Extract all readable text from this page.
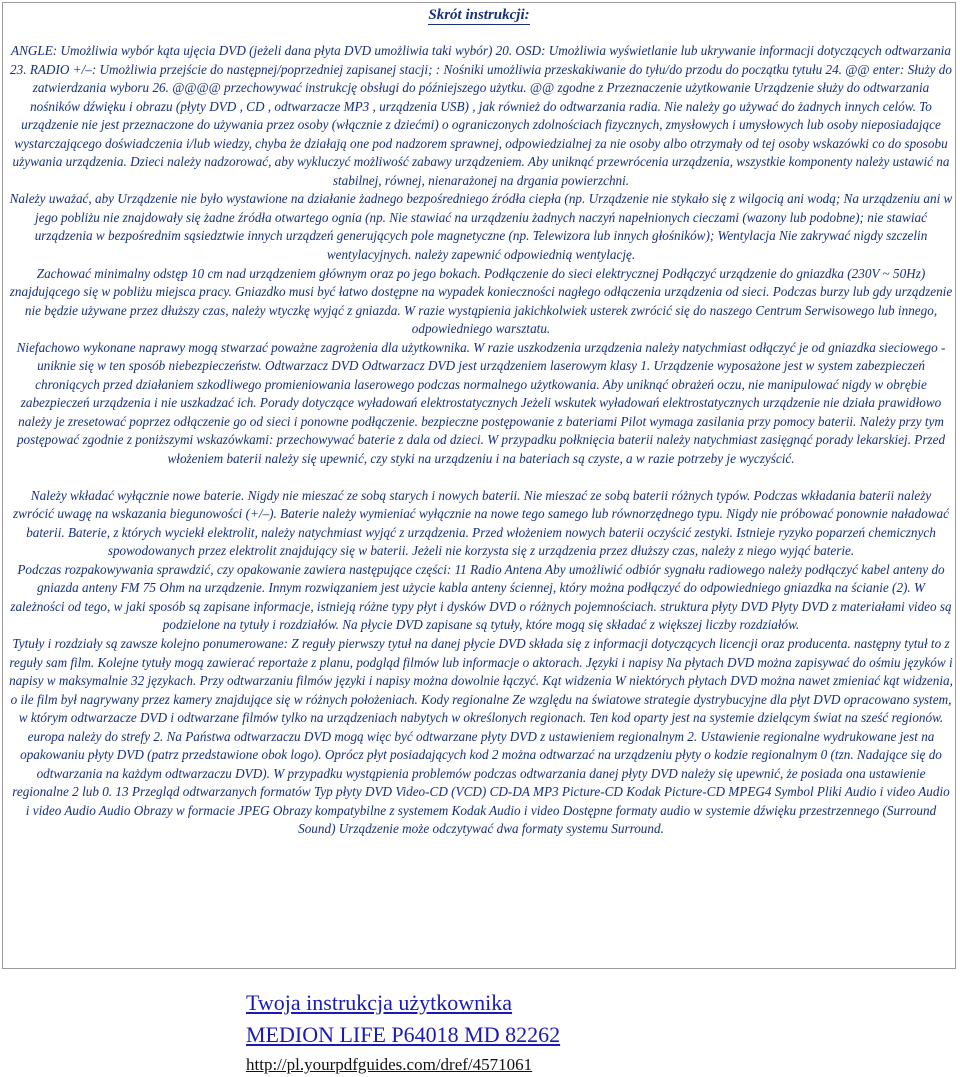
Skrót instrukcji:

ANGLE: Umożliwia wybór kąta ujęcia DVD (jeżeli dana płyta DVD umożliwia taki wybór) 20. OSD: Umożliwia wyświetlanie lub ukrywanie informacji dotyczących odtwarzania 23. RADIO +/–: Umożliwia przejście do następnej/poprzedniej zapisanej stacji; : Nośniki umożliwia przeskakiwanie do tyłu/do przodu do początku tytułu 24. @@ enter: Służy do zatwierdzania wyboru 26. @@@@ przechowywać instrukcję obsługi do późniejszego użytku. @@ zgodne z Przeznaczenie użytkowanie Urządzenie służy do odtwarzania nośników dźwięku i obrazu (płyty DVD , CD , odtwarzacze MP3 , urządzenia USB) , jak również do odtwarzania radia. Nie należy go używać do żadnych innych celów. To urządzenie nie jest przeznaczone do używania przez osoby (włącznie z dziećmi) o ograniczonych zdolnościach fizycznych, zmysłowych i umysłowych lub osoby nieposiadające wystarczającego doświadczenia i/lub wiedzy, chyba że działają one pod nadzorem sprawnej, odpowiedzialnej za nie osoby albo otrzymały od tej osoby wskazówki co do sposobu używania urządzenia. Dzieci należy nadzorować, aby wykluczyć możliwość zabawy urządzeniem. Aby uniknąć przewrócenia urządzenia, wszystkie komponenty należy ustawić na stabilnej, równej, nienarażonej na drgania powierzchni.

Należy uważać, aby Urządzenie nie było wystawione na działanie żadnego bezpośredniego źródła ciepła (np. Urządzenie nie stykało się z wilgocią ani wodą; Na urządzeniu ani w jego pobliżu nie znajdowały się żadne źródła otwartego ognia (np. Nie stawiać na urządzeniu żadnych naczyń napełnionych cieczami (wazony lub podobne); nie stawiać urządzenia w bezpośrednim sąsiedztwie innych urządzeń generujących pole magnetyczne (np. Telewizora lub innych głośników); Wentylacja Nie zakrywać nigdy szczelin wentylacyjnych. należy zapewnić odpowiednią wentylację.

Zachować minimalny odstęp 10 cm nad urządzeniem głównym oraz po jego bokach. Podłączenie do sieci elektrycznej Podłączyć urządzenie do gniazdka (230V ~ 50Hz) znajdującego się w pobliżu miejsca pracy. Gniazdko musi być łatwo dostępne na wypadek konieczności nagłego odłączenia urządzenia od sieci. Podczas burzy lub gdy urządzenie nie będzie używane przez dłuższy czas, należy wtyczkę wyjąć z gniazda. W razie wystąpienia jakichkolwiek usterek zwrócić się do naszego Centrum Serwisowego lub innego, odpowiedniego warsztatu.

Niefachowo wykonane naprawy mogą stwarzać poważne zagrożenia dla użytkownika. W razie uszkodzenia urządzenia należy natychmiast odłączyć je od gniazdka sieciowego - uniknie się w ten sposób niebezpieczeństw. Odtwarzacz DVD Odtwarzacz DVD jest urządzeniem laserowym klasy 1. Urządzenie wyposażone jest w system zabezpieczeń chroniących przed działaniem szkodliwego promieniowania laserowego podczas normalnego użytkowania. Aby uniknąć obrażeń oczu, nie manipulować nigdy w obrębie zabezpieczeń urządzenia i nie uszkadzać ich. Porady dotyczące wyładowań elektrostatycznych Jeżeli wskutek wyładowań elektrostatycznych urządzenie nie działa prawidłowo należy je zresetować poprzez odłączenie go od sieci i ponowne podłączenie. bezpieczne postępowanie z bateriami Pilot wymaga zasilania przy pomocy baterii. Należy przy tym postępować zgodnie z poniższymi wskazówkami: przechowywać baterie z dala od dzieci. W przypadku połknięcia baterii należy natychmiast zasięgnąć porady lekarskiej. Przed włożeniem baterii należy się upewnić, czy styki na urządzeniu i na bateriach są czyste, a w razie potrzeby je wyczyścić.

Należy wkładać wyłącznie nowe baterie. Nigdy nie mieszać ze sobą starych i nowych baterii. Nie mieszać ze sobą baterii różnych typów. Podczas wkładania baterii należy zwrócić uwagę na wskazania biegunowości (+/–). Baterie należy wymieniać wyłącznie na nowe tego samego lub równorzędnego typu. Nigdy nie próbować ponownie naładować baterii. Baterie, z których wyciekł elektrolit, należy natychmiast wyjąć z urządzenia. Przed włożeniem nowych baterii oczyścić zestyki. Istnieje ryzyko poparzeń chemicznych spowodowanych przez elektrolit znajdujący się w baterii. Jeżeli nie korzysta się z urządzenia przez dłuższy czas, należy z niego wyjąć baterie.

Podczas rozpakowywania sprawdzić, czy opakowanie zawiera następujące części: 11 Radio Antena Aby umożliwić odbiór sygnału radiowego należy podłączyć kabel anteny do gniazda anteny FM 75 Ohm na urządzenie. Innym rozwiązaniem jest użycie kabla anteny ściennej, który można podłączyć do odpowiedniego gniazdka na ścianie (2). W zależności od tego, w jaki sposób są zapisane informacje, istnieją różne typy płyt i dysków DVD o różnych pojemnościach. struktura płyty DVD Płyty DVD z materiałami video są podzielone na tytuły i rozdziałów. Na płycie DVD zapisane są tytuły, które mogą się składać z większej liczby rozdziałów.

Tytuły i rozdziały są zawsze kolejno ponumerowane: Z reguły pierwszy tytuł na danej płycie DVD składa się z informacji dotyczących licencji oraz producenta. następny tytuł to z reguły sam film. Kolejne tytuły mogą zawierać reportaże z planu, podgląd filmów lub informacje o aktorach. Języki i napisy Na płytach DVD można zapisywać do ośmiu języków i napisy w maksymalnie 32 językach. Przy odtwarzaniu filmów języki i napisy można dowolnie łączyć. Kąt widzenia W niektórych płytach DVD można nawet zmieniać kąt widzenia, o ile film był nagrywany przez kamery znajdujące się w różnych położeniach. Kody regionalne Ze względu na światowe strategie dystrybucyjne dla płyt DVD opracowano system, w którym odtwarzacze DVD i odtwarzane filmów tylko na urządzeniach nabytych w określonych regionach. Ten kod oparty jest na systemie dzielącym świat na sześć regionów. europa należy do strefy 2. Na Państwa odtwarzaczu DVD mogą więc być odtwarzane płyty DVD z ustawieniem regionalnym 2. Ustawienie regionalne wydrukowane jest na opakowaniu płyty DVD (patrz przedstawione obok logo). Oprócz płyt posiadających kod 2 można odtwarzać na urządzeniu płyty o kodzie regionalnym 0 (tzn. Nadające się do odtwarzania na każdym odtwarzaczu DVD). W przypadku wystąpienia problemów podczas odtwarzania danej płyty DVD należy się upewnić, że posiada ona ustawienie regionalne 2 lub 0. 13 Przegląd odtwarzanych formatów Typ płyty DVD Video-CD (VCD) CD-DA MP3 Picture-CD Kodak Picture-CD MPEG4 Symbol Pliki Audio i video Audio i video Audio Audio Obrazy w formacie JPEG Obrazy kompatybilne z systemem Kodak Audio i video Dostępne formaty audio w systemie dźwięku przestrzennego (Surround Sound) Urządzenie może odczytywać dwa formaty systemu Surround.

Twoja instrukcja użytkownika
MEDION LIFE P64018 MD 82262
http://pl.yourpdfguides.com/dref/4571061
